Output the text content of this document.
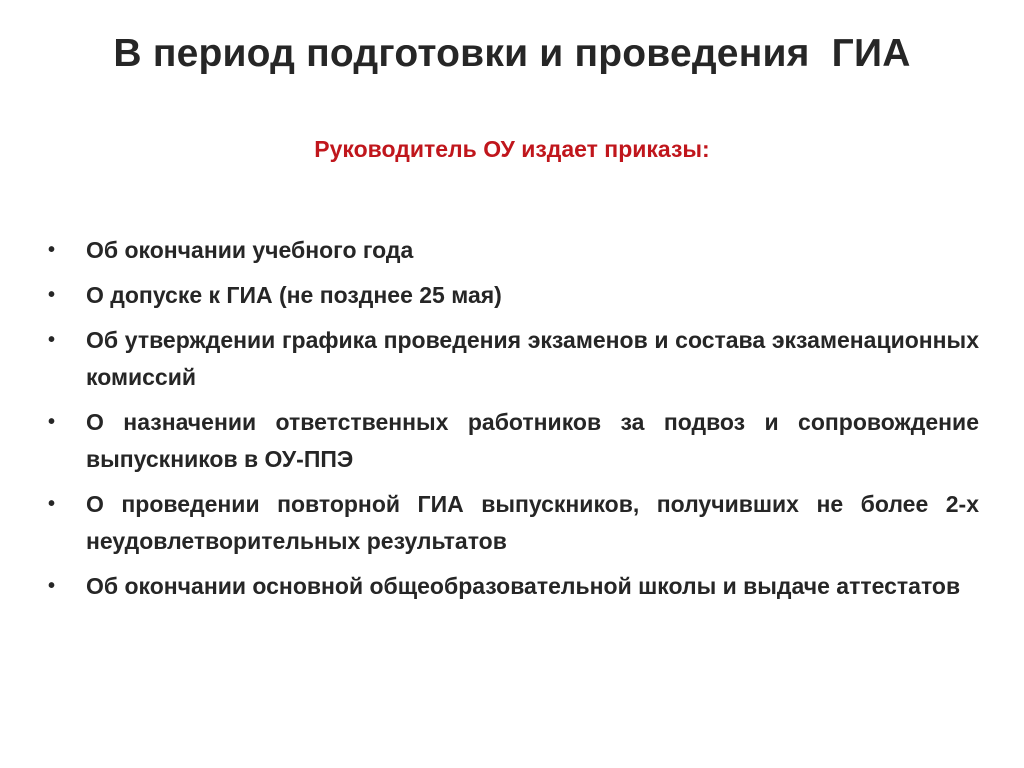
В период подготовки и проведения  ГИА
Руководитель ОУ издает приказы:
• Об окончании учебного года
• О допуске к ГИА (не позднее 25 мая)
• Об утверждении графика проведения экзаменов и состава экзаменационных комиссий
• О назначении ответственных работников за подвоз и сопровождение выпускников в ОУ-ППЭ
• О проведении повторной ГИА выпускников, получивших не более 2-х неудовлетворительных результатов
• Об окончании основной общеобразовательной школы и выдаче аттестатов
